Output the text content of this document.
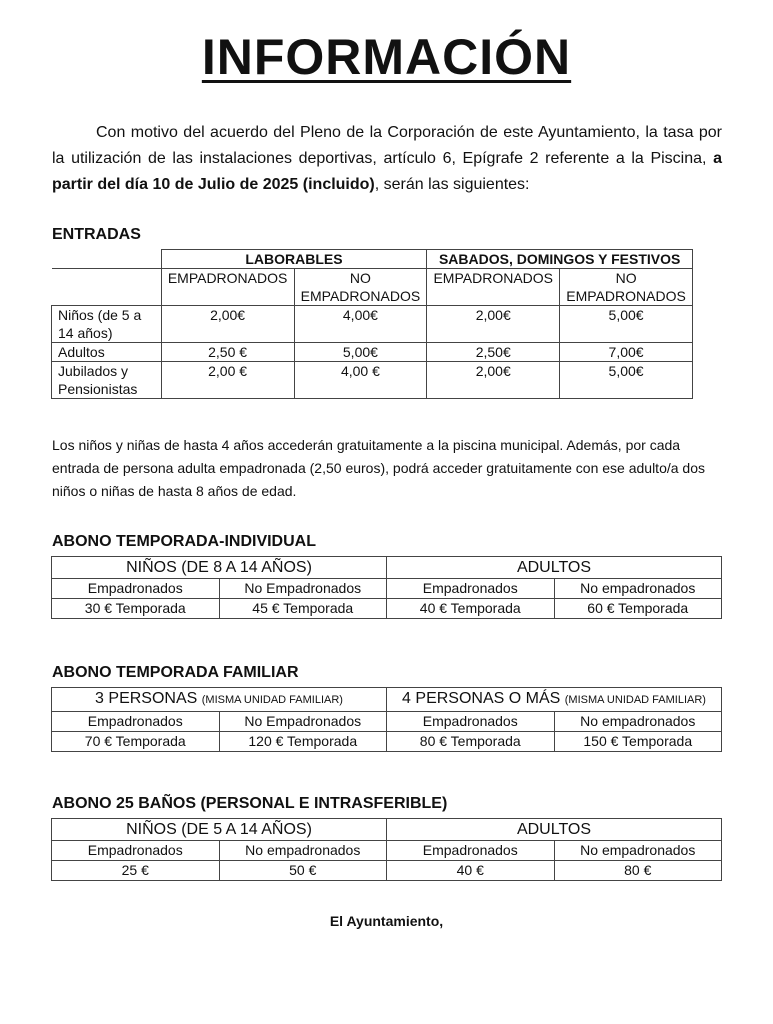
INFORMACIÓN
Con motivo del acuerdo del Pleno de la Corporación de este Ayuntamiento, la tasa por la utilización de las instalaciones deportivas, artículo 6, Epígrafe 2 referente a la Piscina, a partir del día 10 de Julio de 2025 (incluido), serán las siguientes:
ENTRADAS
	LABORABLES		SABADOS, DOMINGOS Y FESTIVOS	
	EMPADRONADOS	NO EMPADRONADOS	EMPADRONADOS	NO EMPADRONADOS
Niños (de 5 a 14 años)	2,00€	4,00€	2,00€	5,00€
Adultos	2,50 €	5,00€	2,50€	7,00€
Jubilados y Pensionistas	2,00 €	4,00 €	2,00€	5,00€
Los niños y niñas de hasta 4 años accederán gratuitamente a la piscina municipal. Además, por cada entrada de persona adulta empadronada (2,50 euros), podrá acceder gratuitamente con ese adulto/a dos niños o niñas de hasta 8 años de edad.
ABONO TEMPORADA-INDIVIDUAL
NIÑOS (DE 8 A 14 AÑOS)		ADULTOS	
Empadronados	No Empadronados	Empadronados	No empadronados
30 € Temporada	45 € Temporada	40 € Temporada	60 € Temporada
ABONO TEMPORADA FAMILIAR
3 PERSONAS (MISMA UNIDAD FAMILIAR)		4 PERSONAS O MÁS (MISMA UNIDAD FAMILIAR)	
Empadronados	No Empadronados	Empadronados	No empadronados
70 € Temporada	120 € Temporada	80 € Temporada	150 € Temporada
ABONO 25 BAÑOS (PERSONAL E INTRASFERIBLE)
NIÑOS (DE 5 A 14 AÑOS)		ADULTOS	
Empadronados	No empadronados	Empadronados	No empadronados
25 €	50 €	40 €	80 €
El Ayuntamiento,
